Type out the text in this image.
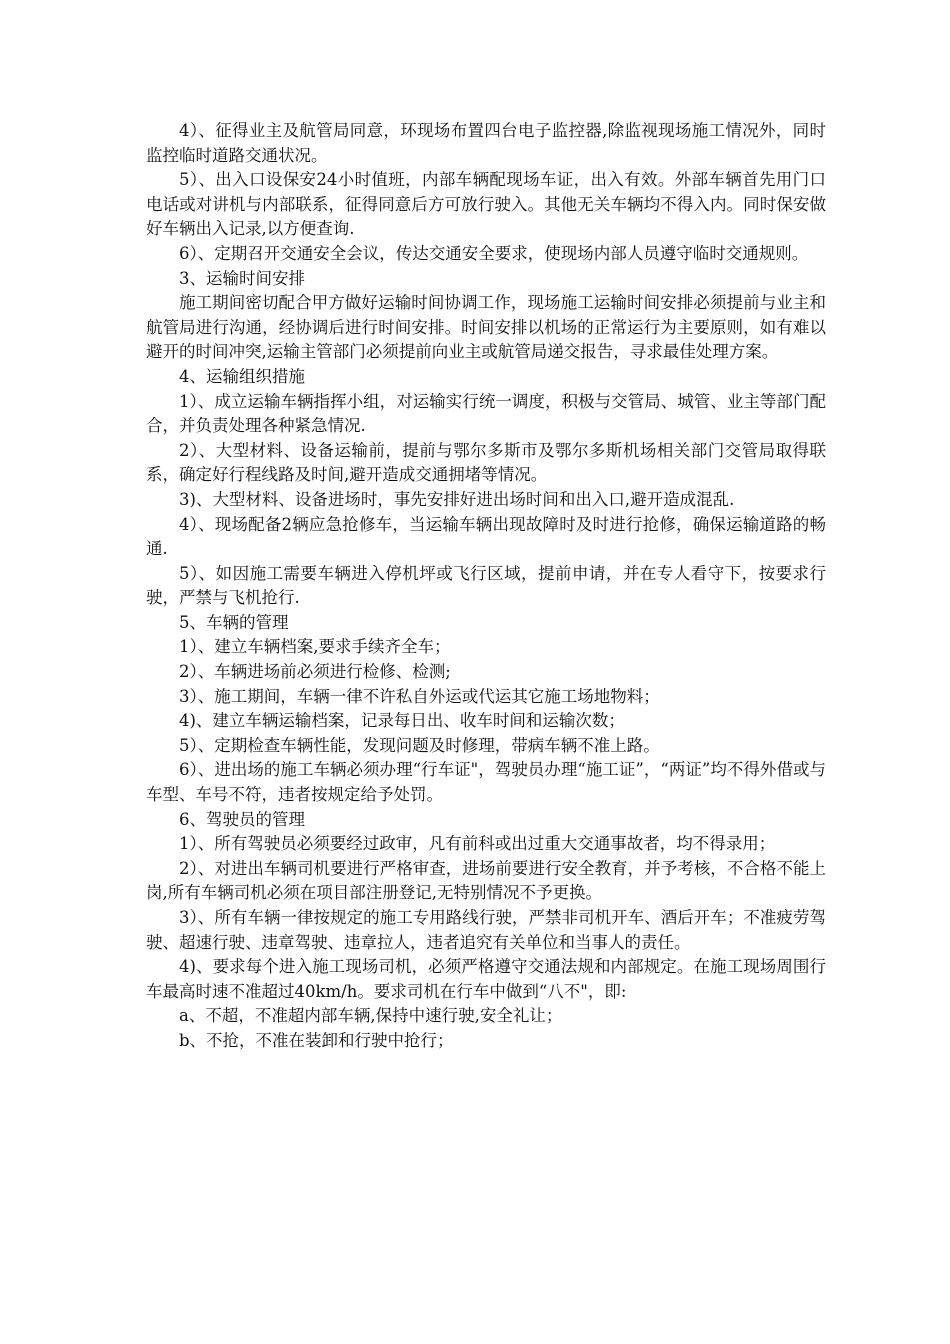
4）、征得业主及航管局同意，环现场布置四台电子监控器,除监视现场施工情况外，同时监控临时道路交通状况。

5）、出入口设保安24小时值班，内部车辆配现场车证，出入有效。外部车辆首先用门口电话或对讲机与内部联系，征得同意后方可放行驶入。其他无关车辆均不得入内。同时保安做好车辆出入记录,以方便查询.

6）、定期召开交通安全会议，传达交通安全要求，使现场内部人员遵守临时交通规则。

3、运输时间安排

施工期间密切配合甲方做好运输时间协调工作，现场施工运输时间安排必须提前与业主和航管局进行沟通，经协调后进行时间安排。时间安排以机场的正常运行为主要原则，如有难以避开的时间冲突,运输主管部门必须提前向业主或航管局递交报告，寻求最佳处理方案。

4、运输组织措施

1）、成立运输车辆指挥小组，对运输实行统一调度，积极与交管局、城管、业主等部门配合，并负责处理各种紧急情况.

2）、大型材料、设备运输前，提前与鄂尔多斯市及鄂尔多斯机场相关部门交管局取得联系，确定好行程线路及时间,避开造成交通拥堵等情况。

3)、大型材料、设备进场时，事先安排好进出场时间和出入口,避开造成混乱.

4）、现场配备2辆应急抢修车，当运输车辆出现故障时及时进行抢修，确保运输道路的畅通.

5）、如因施工需要车辆进入停机坪或飞行区域，提前申请，并在专人看守下，按要求行驶，严禁与飞机抢行.

5、车辆的管理

1）、建立车辆档案,要求手续齐全车；

2）、车辆进场前必须进行检修、检测;

3）、施工期间，车辆一律不许私自外运或代运其它施工场地物料；

4)、建立车辆运输档案，记录每日出、收车时间和运输次数；

5）、定期检查车辆性能，发现问题及时修理，带病车辆不准上路。

6）、进出场的施工车辆必须办理“行车证"，驾驶员办理“施工证”，“两证”均不得外借或与车型、车号不符，违者按规定给予处罚。

6、驾驶员的管理

1）、所有驾驶员必须要经过政审，凡有前科或出过重大交通事故者，均不得录用；

2）、对进出车辆司机要进行严格审查，进场前要进行安全教育，并予考核，不合格不能上岗,所有车辆司机必须在项目部注册登记,无特别情况不予更换。

3）、所有车辆一律按规定的施工专用路线行驶，严禁非司机开车、酒后开车；不准疲劳驾驶、超速行驶、违章驾驶、违章拉人，违者追究有关单位和当事人的责任。

4)、要求每个进入施工现场司机，必须严格遵守交通法规和内部规定。在施工现场周围行车最高时速不准超过40km/h。要求司机在行车中做到“八不"，即:

a、不超，不准超内部车辆,保持中速行驶,安全礼让；

b、不抢，不准在装卸和行驶中抢行；
